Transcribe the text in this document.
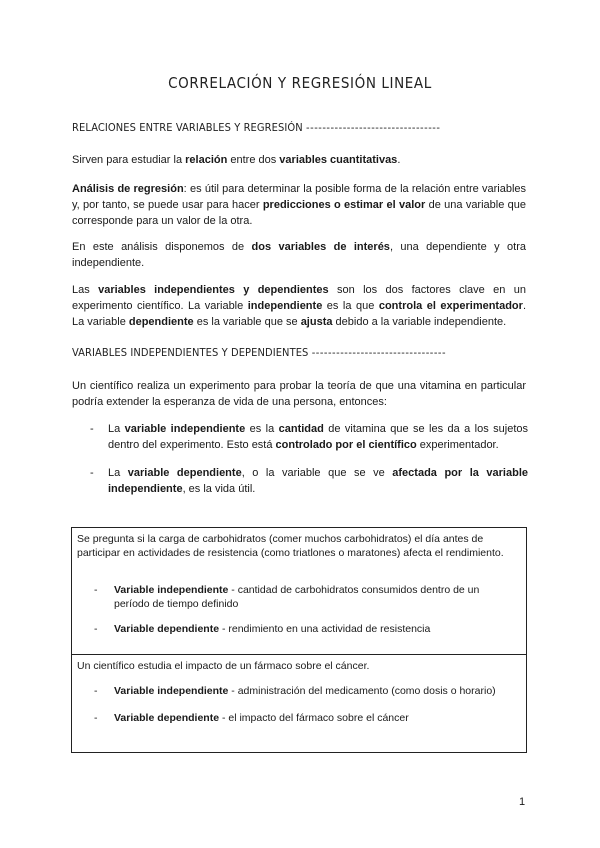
CORRELACIÓN Y REGRESIÓN LINEAL
RELACIONES ENTRE VARIABLES Y REGRESIÓN ---------------------------------

Sirven para estudiar la relación entre dos variables cuantitativas.

Análisis de regresión: es útil para determinar la posible forma de la relación entre variables y, por tanto, se puede usar para hacer predicciones o estimar el valor de una variable que corresponde para un valor de la otra.

En este análisis disponemos de dos variables de interés, una dependiente y otra independiente.

Las variables independientes y dependientes son los dos factores clave en un experimento científico. La variable independiente es la que controla el experimentador. La variable dependiente es la variable que se ajusta debido a la variable independiente.

VARIABLES INDEPENDIENTES Y DEPENDIENTES ---------------------------------

Un científico realiza un experimento para probar la teoría de que una vitamina en particular podría extender la esperanza de vida de una persona, entonces:

- La variable independiente es la cantidad de vitamina que se les da a los sujetos dentro del experimento. Esto está controlado por el científico experimentador.
- La variable dependiente, o la variable que se ve afectada por la variable independiente, es la vida útil.
Se pregunta si la carga de carbohidratos (comer muchos carbohidratos) el día antes de participar en actividades de resistencia (como triatlones o maratones) afecta el rendimiento.
- Variable independiente - cantidad de carbohidratos consumidos dentro de un período de tiempo definido
- Variable dependiente - rendimiento en una actividad de resistencia
Un científico estudia el impacto de un fármaco sobre el cáncer.
- Variable independiente - administración del medicamento (como dosis o horario)
- Variable dependiente - el impacto del fármaco sobre el cáncer
1
